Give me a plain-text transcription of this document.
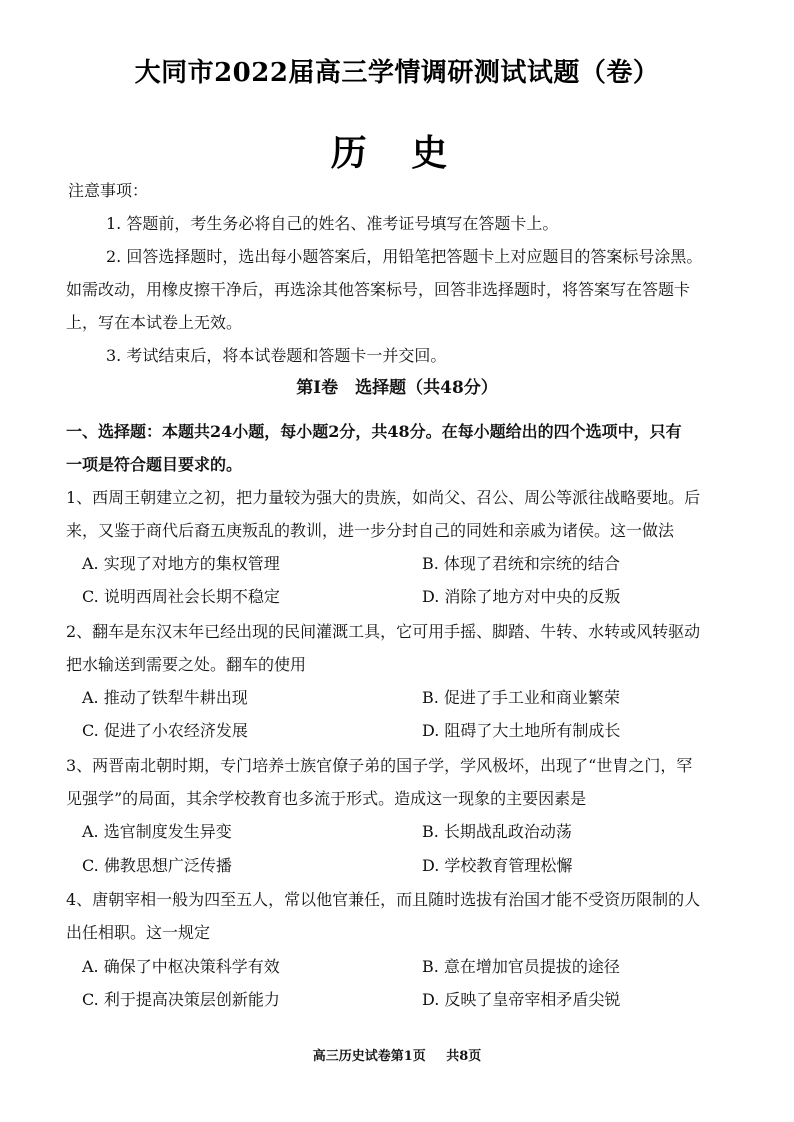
大同市2022届高三学情调研测试试题（卷）
历 史
注意事项：
1. 答题前，考生务必将自己的姓名、准考证号填写在答题卡上。
2. 回答选择题时，选出每小题答案后，用铅笔把答题卡上对应题目的答案标号涂黑。
如需改动，用橡皮擦干净后，再选涂其他答案标号，回答非选择题时，将答案写在答题卡
上，写在本试卷上无效。
3. 考试结束后，将本试卷题和答题卡一并交回。
第Ⅰ卷　选择题（共48分）
一、选择题：本题共24小题，每小题2分，共48分。在每小题给出的四个选项中，只有
一项是符合题目要求的。
1、西周王朝建立之初，把力量较为强大的贵族，如尚父、召公、周公等派往战略要地。后
来，又鉴于商代后裔五庚叛乱的教训，进一步分封自己的同姓和亲戚为诸侯。这一做法
A. 实现了对地方的集权管理	B. 体现了君统和宗统的结合
C. 说明西周社会长期不稳定	D. 消除了地方对中央的反叛
2、翻车是东汉末年已经出现的民间灌溉工具，它可用手摇、脚踏、牛转、水转或风转驱动
把水输送到需要之处。翻车的使用
A. 推动了铁犁牛耕出现	B. 促进了手工业和商业繁荣
C. 促进了小农经济发展	D. 阻碍了大土地所有制成长
3、两晋南北朝时期，专门培养士族官僚子弟的国子学，学风极坏，出现了“世胄之门，罕
见强学”的局面，其余学校教育也多流于形式。造成这一现象的主要因素是
A. 选官制度发生异变	B. 长期战乱政治动荡
C. 佛教思想广泛传播	D. 学校教育管理松懈
4、唐朝宰相一般为四至五人，常以他官兼任，而且随时选拔有治国才能不受资历限制的人
出任相职。这一规定
A. 确保了中枢决策科学有效	B. 意在增加官员提拔的途径
C. 利于提高决策层创新能力	D. 反映了皇帝宰相矛盾尖锐
高三历史试卷第1页 共8页
